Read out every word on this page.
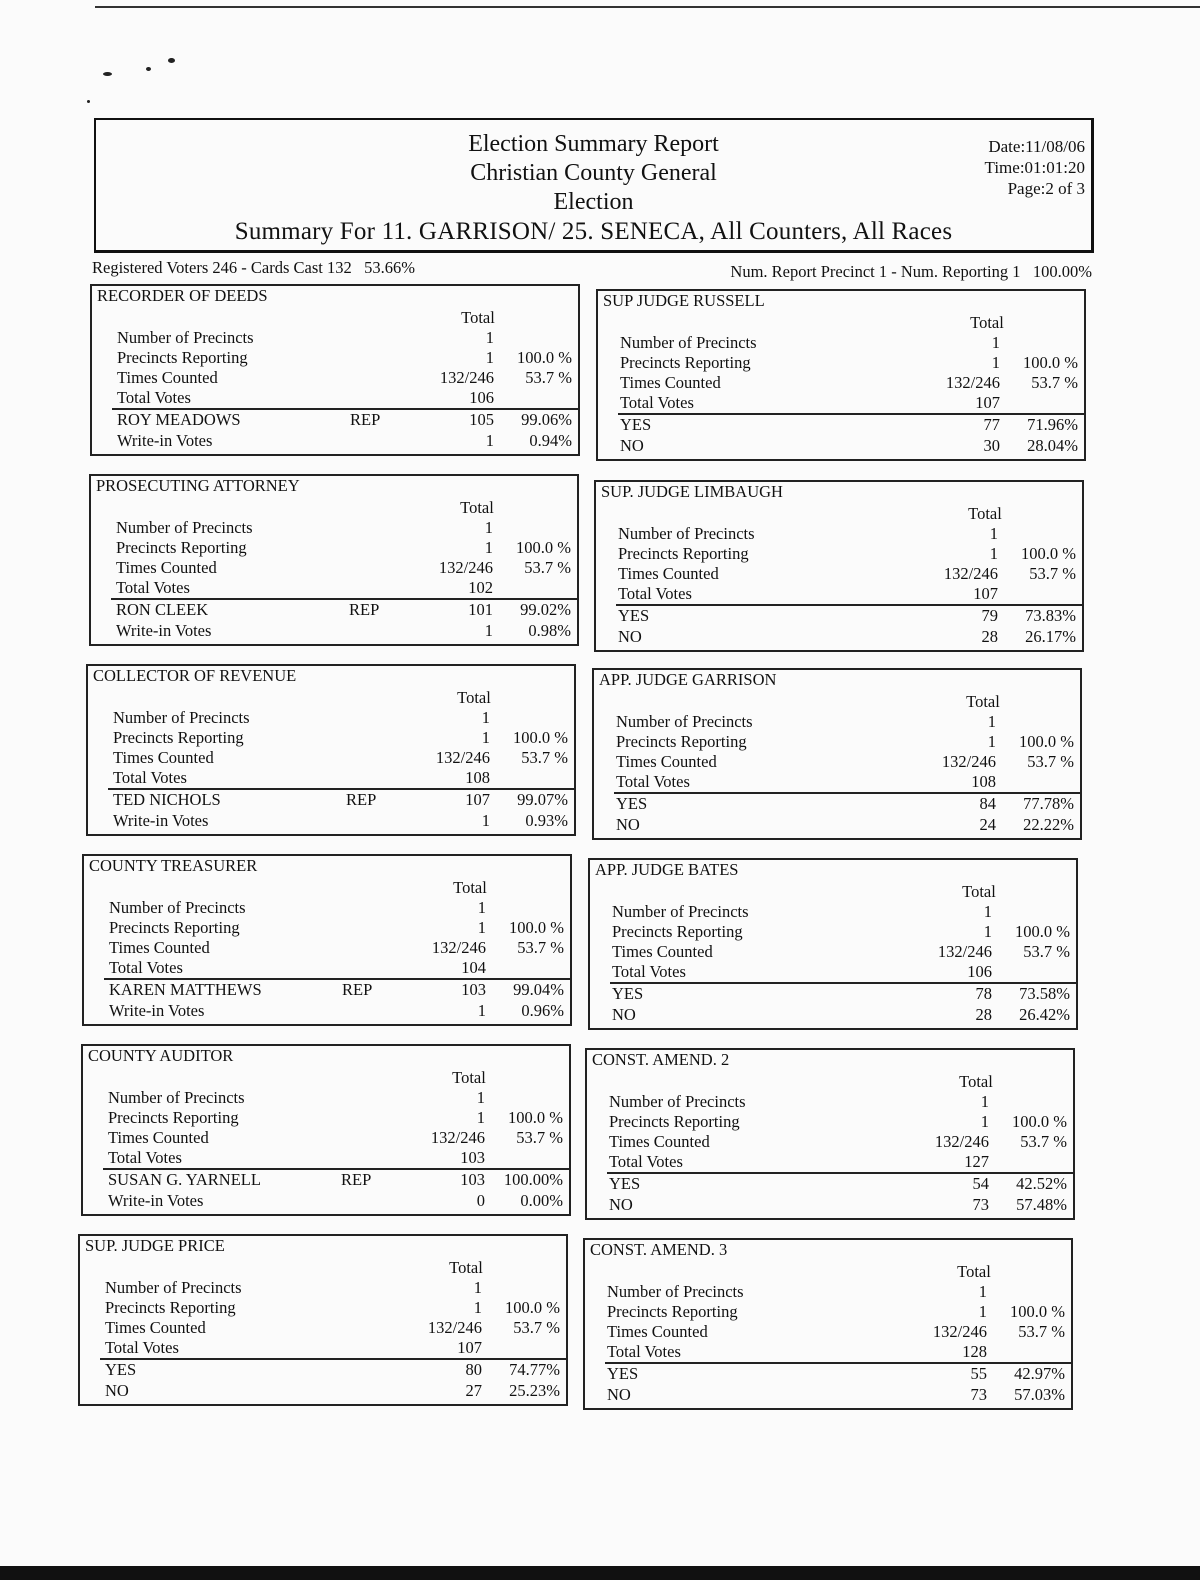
Election Summary Report
Christian County General
Election
Summary For 11. GARRISON/ 25. SENECA, All Counters, All Races
Date:11/08/06
Time:01:01:20
Page:2 of 3
Registered Voters 246 - Cards Cast 132   53.66%	Num. Report Precinct 1 - Num. Reporting 1   100.00%
RECORDER OF DEEDS
Total
Number of Precincts	1
Precincts Reporting	1 100.0 %
Times Counted	132/246 53.7 %
Total Votes	106
ROY MEADOWS	REP	105 99.06%
Write-in Votes	1 0.94%
SUP JUDGE RUSSELL
Total
Number of Precincts	1
Precincts Reporting	1 100.0 %
Times Counted	132/246 53.7 %
Total Votes	107
YES	77 71.96%
NO	30 28.04%
PROSECUTING ATTORNEY
Total
Number of Precincts	1
Precincts Reporting	1 100.0 %
Times Counted	132/246 53.7 %
Total Votes	102
RON CLEEK	REP	101 99.02%
Write-in Votes	1 0.98%
SUP. JUDGE LIMBAUGH
Total
Number of Precincts	1
Precincts Reporting	1 100.0 %
Times Counted	132/246 53.7 %
Total Votes	107
YES	79 73.83%
NO	28 26.17%
COLLECTOR OF REVENUE
Total
Number of Precincts	1
Precincts Reporting	1 100.0 %
Times Counted	132/246 53.7 %
Total Votes	108
TED NICHOLS	REP	107 99.07%
Write-in Votes	1 0.93%
APP. JUDGE GARRISON
Total
Number of Precincts	1
Precincts Reporting	1 100.0 %
Times Counted	132/246 53.7 %
Total Votes	108
YES	84 77.78%
NO	24 22.22%
COUNTY TREASURER
Total
Number of Precincts	1
Precincts Reporting	1 100.0 %
Times Counted	132/246 53.7 %
Total Votes	104
KAREN MATTHEWS	REP	103 99.04%
Write-in Votes	1 0.96%
APP. JUDGE BATES
Total
Number of Precincts	1
Precincts Reporting	1 100.0 %
Times Counted	132/246 53.7 %
Total Votes	106
YES	78 73.58%
NO	28 26.42%
COUNTY AUDITOR
Total
Number of Precincts	1
Precincts Reporting	1 100.0 %
Times Counted	132/246 53.7 %
Total Votes	103
SUSAN G. YARNELL	REP	103 100.00%
Write-in Votes	0 0.00%
CONST. AMEND. 2
Total
Number of Precincts	1
Precincts Reporting	1 100.0 %
Times Counted	132/246 53.7 %
Total Votes	127
YES	54 42.52%
NO	73 57.48%
SUP. JUDGE PRICE
Total
Number of Precincts	1
Precincts Reporting	1 100.0 %
Times Counted	132/246 53.7 %
Total Votes	107
YES	80 74.77%
NO	27 25.23%
CONST. AMEND. 3
Total
Number of Precincts	1
Precincts Reporting	1 100.0 %
Times Counted	132/246 53.7 %
Total Votes	128
YES	55 42.97%
NO	73 57.03%
